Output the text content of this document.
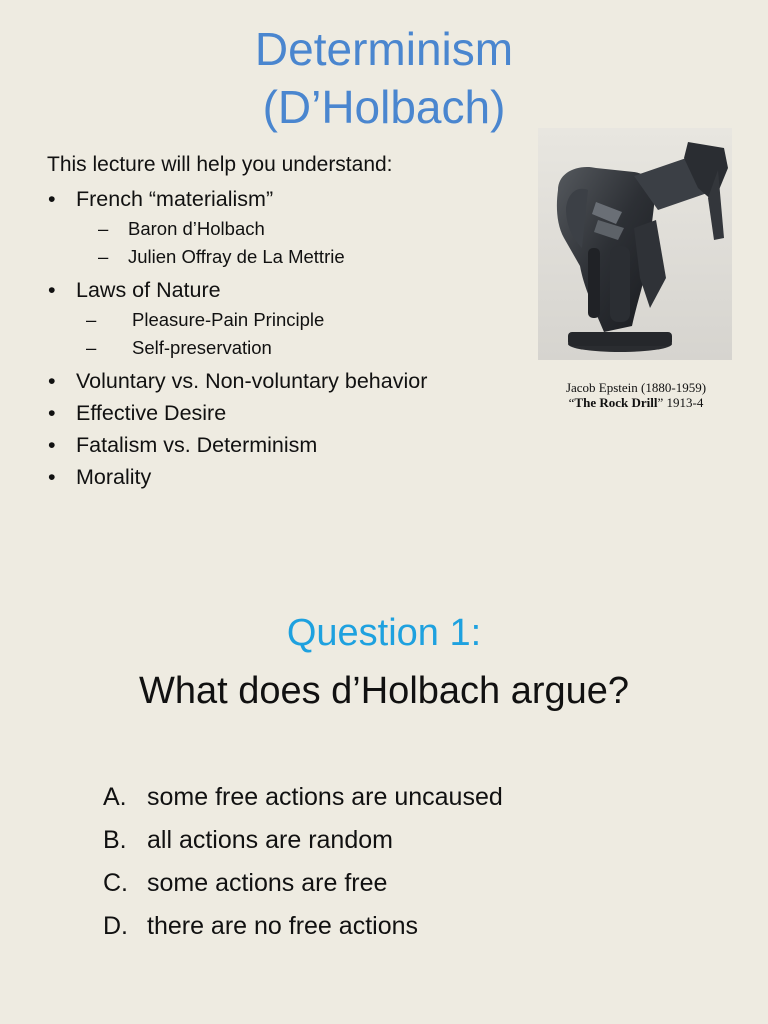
Determinism
(D’Holbach)

This lecture will help you understand:

• French “materialism”
– Baron d’Holbach
– Julien Offray de La Mettrie
• Laws of Nature
– Pleasure-Pain Principle
– Self-preservation
• Voluntary vs. Non-voluntary behavior
• Effective Desire
• Fatalism vs. Determinism
• Morality
Jacob Epstein (1880-1959)
“The Rock Drill” 1913-4
Question 1:
What does d’Holbach argue?
A. some free actions are uncaused
B. all actions are random
C. some actions are free
D. there are no free actions
